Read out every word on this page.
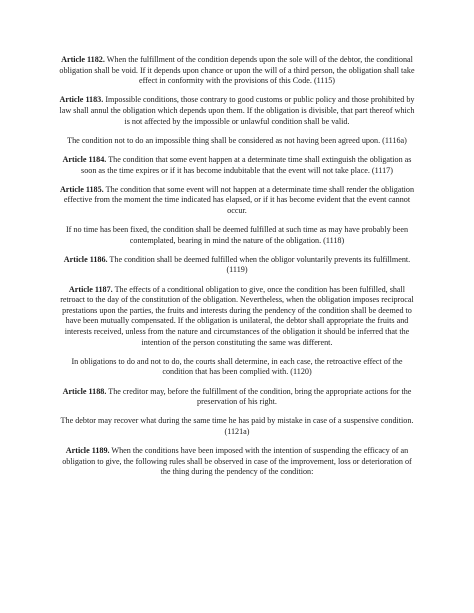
Article 1182. When the fulfillment of the condition depends upon the sole will of the debtor, the conditional obligation shall be void. If it depends upon chance or upon the will of a third person, the obligation shall take effect in conformity with the provisions of this Code. (1115)

Article 1183. Impossible conditions, those contrary to good customs or public policy and those prohibited by law shall annul the obligation which depends upon them. If the obligation is divisible, that part thereof which is not affected by the impossible or unlawful condition shall be valid.

The condition not to do an impossible thing shall be considered as not having been agreed upon. (1116a)

Article 1184. The condition that some event happen at a determinate time shall extinguish the obligation as soon as the time expires or if it has become indubitable that the event will not take place. (1117)

Article 1185. The condition that some event will not happen at a determinate time shall render the obligation effective from the moment the time indicated has elapsed, or if it has become evident that the event cannot occur.

If no time has been fixed, the condition shall be deemed fulfilled at such time as may have probably been contemplated, bearing in mind the nature of the obligation. (1118)

Article 1186. The condition shall be deemed fulfilled when the obligor voluntarily prevents its fulfillment. (1119)

Article 1187. The effects of a conditional obligation to give, once the condition has been fulfilled, shall retroact to the day of the constitution of the obligation. Nevertheless, when the obligation imposes reciprocal prestations upon the parties, the fruits and interests during the pendency of the condition shall be deemed to have been mutually compensated. If the obligation is unilateral, the debtor shall appropriate the fruits and interests received, unless from the nature and circumstances of the obligation it should be inferred that the intention of the person constituting the same was different.

In obligations to do and not to do, the courts shall determine, in each case, the retroactive effect of the condition that has been complied with. (1120)

Article 1188. The creditor may, before the fulfillment of the condition, bring the appropriate actions for the preservation of his right.

The debtor may recover what during the same time he has paid by mistake in case of a suspensive condition. (1121a)

Article 1189. When the conditions have been imposed with the intention of suspending the efficacy of an obligation to give, the following rules shall be observed in case of the improvement, loss or deterioration of the thing during the pendency of the condition:
